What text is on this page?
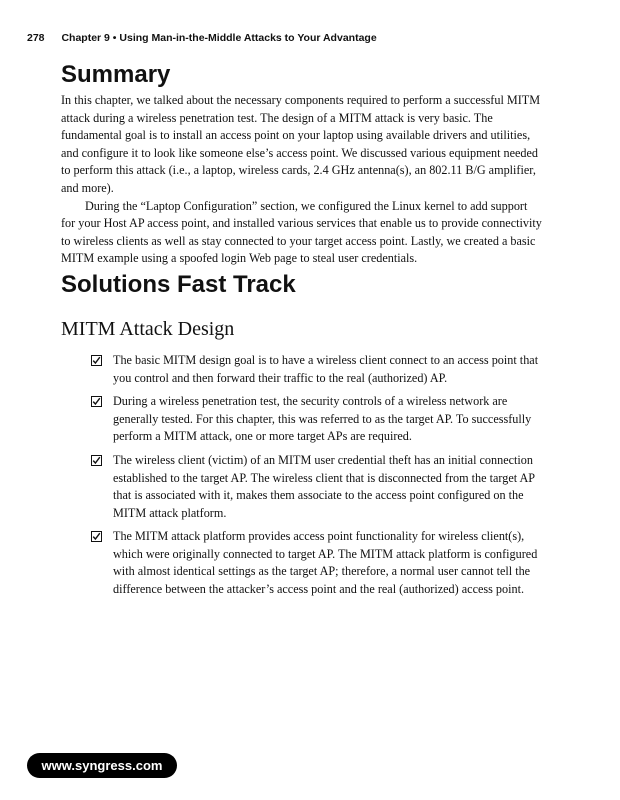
278 Chapter 9 • Using Man-in-the-Middle Attacks to Your Advantage
Summary

In this chapter, we talked about the necessary components required to perform a successful MITM attack during a wireless penetration test. The design of a MITM attack is very basic. The fundamental goal is to install an access point on your laptop using available drivers and utilities, and configure it to look like someone else’s access point. We discussed various equipment needed to perform this attack (i.e., a laptop, wireless cards, 2.4 GHz antenna(s), an 802.11 B/G amplifier, and more).

During the “Laptop Configuration” section, we configured the Linux kernel to add support for your Host AP access point, and installed various services that enable us to provide connectivity to wireless clients as well as stay connected to your target access point. Lastly, we created a basic MITM example using a spoofed login Web page to steal user credentials.

Solutions Fast Track
MITM Attack Design
The basic MITM design goal is to have a wireless client connect to an access point that you control and then forward their traffic to the real (authorized) AP.
During a wireless penetration test, the security controls of a wireless network are generally tested. For this chapter, this was referred to as the target AP. To successfully perform a MITM attack, one or more target APs are required.
The wireless client (victim) of an MITM user credential theft has an initial connection established to the target AP. The wireless client that is disconnected from the target AP that is associated with it, makes them associate to the access point configured on the MITM attack platform.
The MITM attack platform provides access point functionality for wireless client(s), which were originally connected to target AP. The MITM attack platform is configured with almost identical settings as the target AP; therefore, a normal user cannot tell the difference between the attacker’s access point and the real (authorized) access point.
www.syngress.com
